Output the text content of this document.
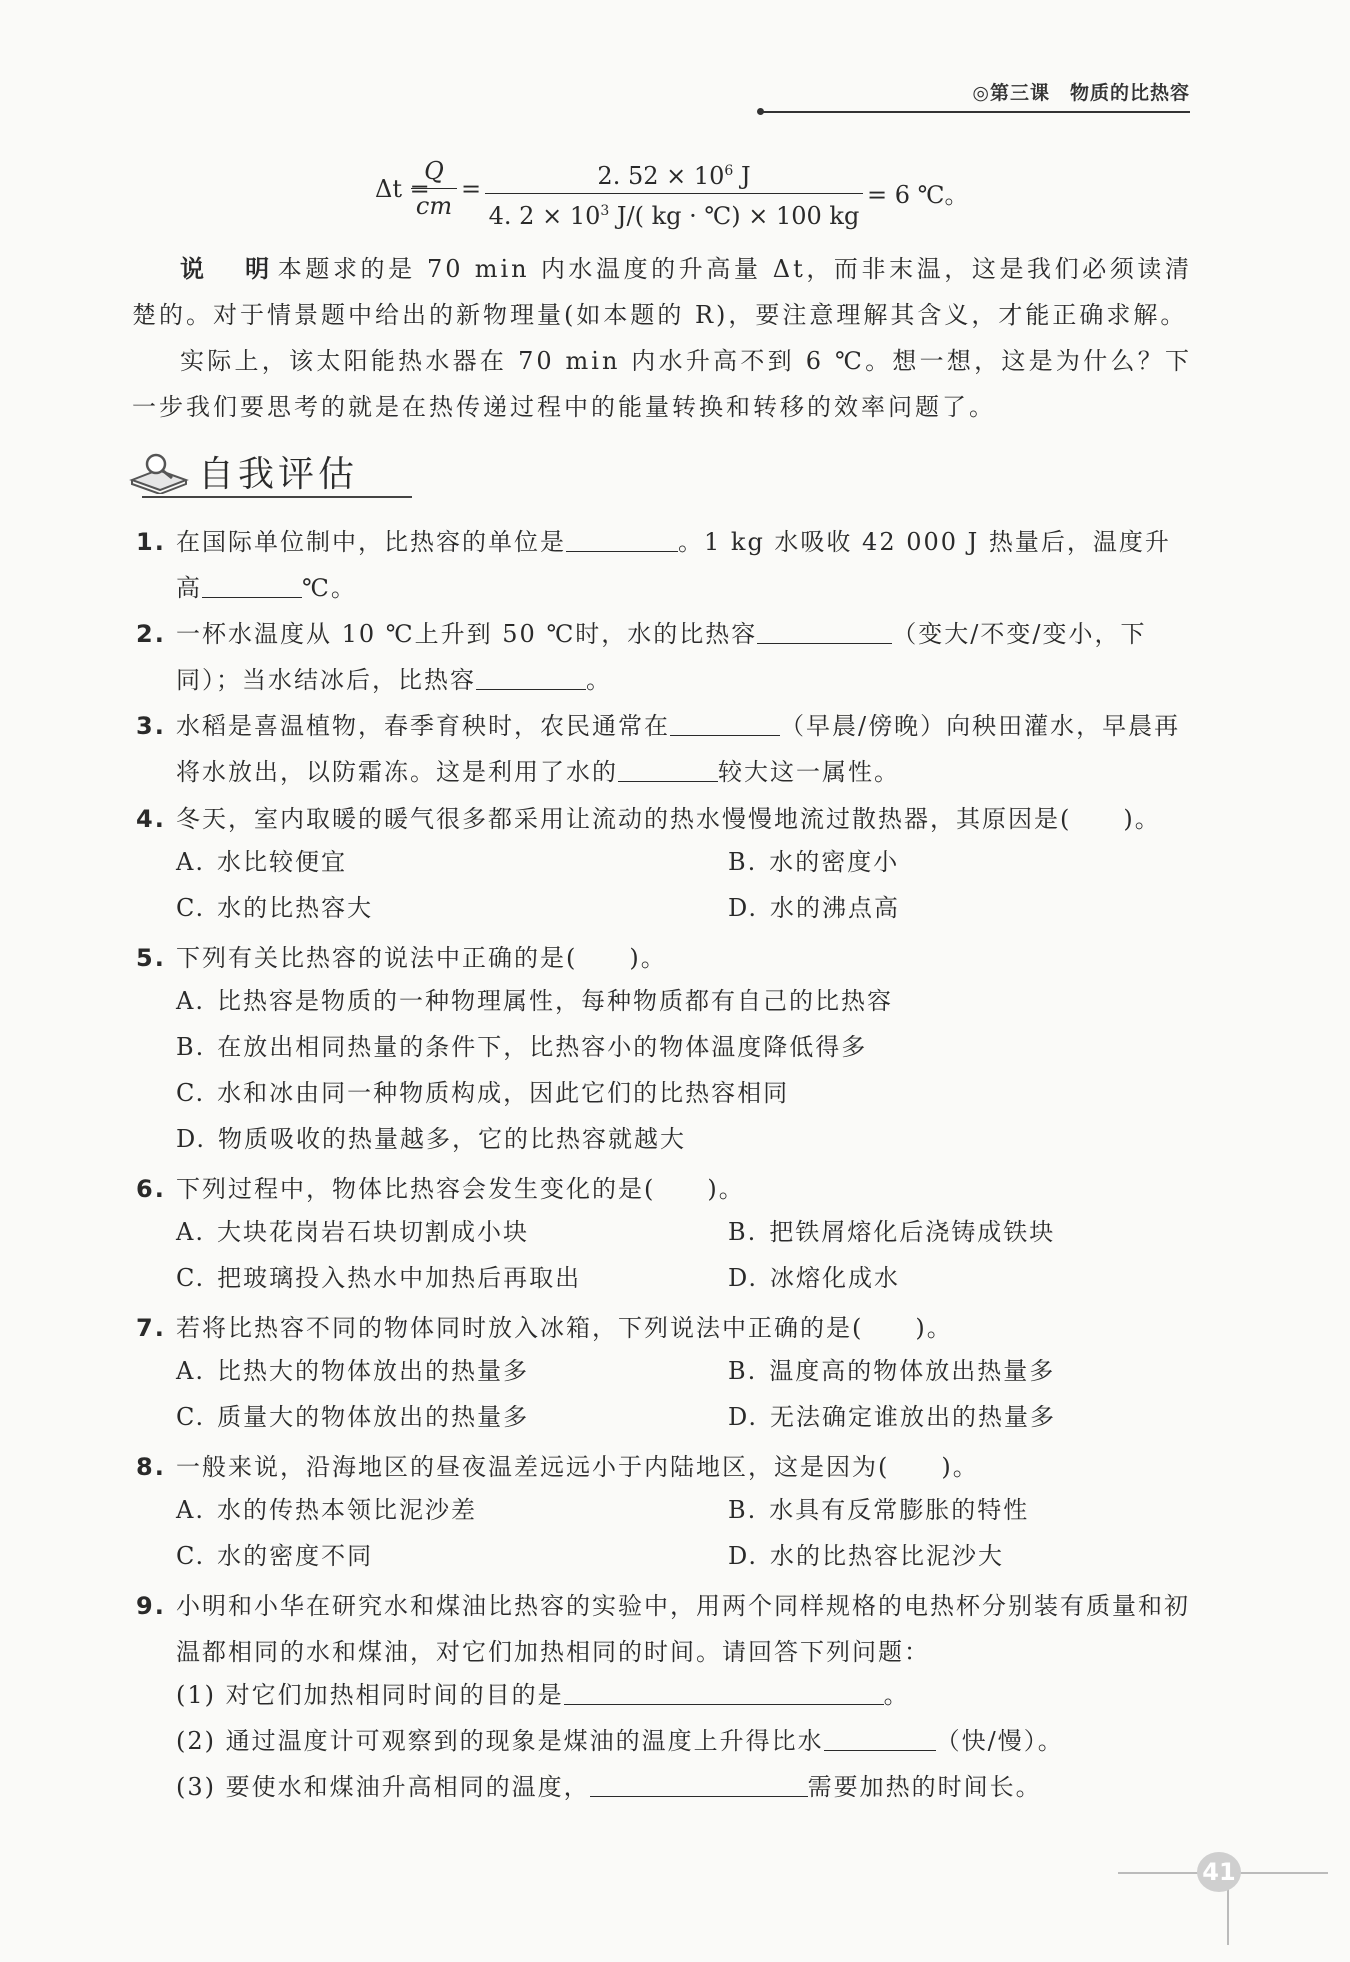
◎第三课　物质的比热容
Δt =
$\frac{Q}{cm} = \frac{2. 52 \times 10^6 J}{4. 2 \times 10^3 J/( kg \cdot ℃) \times 100 kg} = 6$ ℃。
说　明本题求的是 70 min 内水温度的升高量 Δt，而非末温，这是我们必须读清楚的。对于情景题中给出的新物理量(如本题的 R)，要注意理解其含义，才能正确求解。
实际上，该太阳能热水器在 70 min 内水升高不到 6 ℃。想一想，这是为什么？下一步我们要思考的就是在热传递过程中的能量转换和转移的效率问题了。
自我评估
1. 在国际单位制中，比热容的单位是	。1 kg 水吸收 42 000 J 热量后，温度升高	℃。
2. 一杯水温度从 10 ℃上升到 50 ℃时，水的比热容	（变大/不变/变小，下同）；当水结冰后，比热容	。
3. 水稻是喜温植物，春季育秧时，农民通常在	（早晨/傍晚）向秧田灌水，早晨再将水放出，以防霜冻。这是利用了水的	较大这一属性。
4. 冬天，室内取暖的暖气很多都采用让流动的热水慢慢地流过散热器，其原因是(　　)。
A. 水比较便宜	B. 水的密度小
C. 水的比热容大	D. 水的沸点高
5. 下列有关比热容的说法中正确的是(　　)。
A. 比热容是物质的一种物理属性，每种物质都有自己的比热容
B. 在放出相同热量的条件下，比热容小的物体温度降低得多
C. 水和冰由同一种物质构成，因此它们的比热容相同
D. 物质吸收的热量越多，它的比热容就越大
6. 下列过程中，物体比热容会发生变化的是(　　)。
A. 大块花岗岩石块切割成小块	B. 把铁屑熔化后浇铸成铁块
C. 把玻璃投入热水中加热后再取出	D. 冰熔化成水
7. 若将比热容不同的物体同时放入冰箱，下列说法中正确的是(　　)。
A. 比热大的物体放出的热量多	B. 温度高的物体放出热量多
C. 质量大的物体放出的热量多	D. 无法确定谁放出的热量多
8. 一般来说，沿海地区的昼夜温差远远小于内陆地区，这是因为(　　)。
A. 水的传热本领比泥沙差	B. 水具有反常膨胀的特性
C. 水的密度不同	D. 水的比热容比泥沙大
9. 小明和小华在研究水和煤油比热容的实验中，用两个同样规格的电热杯分别装有质量和初温都相同的水和煤油，对它们加热相同的时间。请回答下列问题：
(1) 对它们加热相同时间的目的是	。
(2) 通过温度计可观察到的现象是煤油的温度上升得比水	（快/慢）。
(3) 要使水和煤油升高相同的温度，	需要加热的时间长。
41
